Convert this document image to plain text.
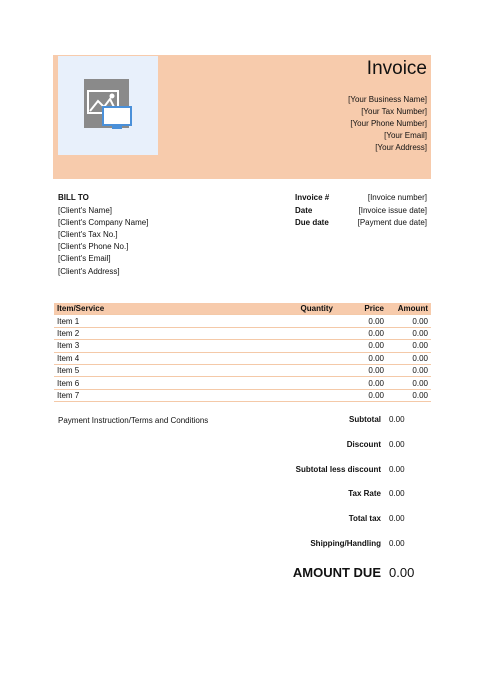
Invoice
[Your Business Name]
[Your Tax Number]
[Your Phone Number]
[Your Email]
[Your Address]
BILL TO
[Client's Name]
[Client's Company Name]
[Client's Tax No.]
[Client's Phone No.]
[Client's Email]
[Client's Address]
Invoice #	[Invoice number]
Date	[Invoice issue date]
Due date	[Payment due date]
Item/Service	Quantity	Price	Amount
Item 1		0.00	0.00
Item 2		0.00	0.00
Item 3		0.00	0.00
Item 4		0.00	0.00
Item 5		0.00	0.00
Item 6		0.00	0.00
Item 7		0.00	0.00
Payment Instruction/Terms and Conditions	Subtotal 0.00
Discount 0.00
Subtotal less discount 0.00
Tax Rate 0.00
Total tax 0.00
Shipping/Handling 0.00
AMOUNT DUE 0.00
